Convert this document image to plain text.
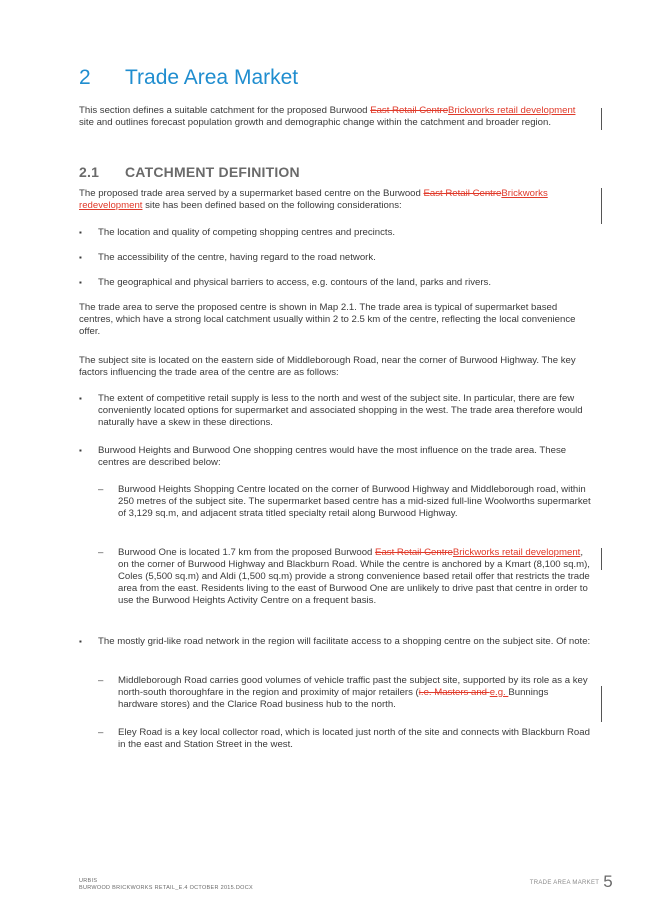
2 Trade Area Market

This section defines a suitable catchment for the proposed Burwood East Retail CentreBrickworks retail development site and outlines forecast population growth and demographic change within the catchment and broader region.

2.1 CATCHMENT DEFINITION

The proposed trade area served by a supermarket based centre on the Burwood East Retail CentreBrickworks redevelopment site has been defined based on the following considerations:

▪ The location and quality of competing shopping centres and precincts.

▪ The accessibility of the centre, having regard to the road network.

▪ The geographical and physical barriers to access, e.g. contours of the land, parks and rivers.

The trade area to serve the proposed centre is shown in Map 2.1. The trade area is typical of supermarket based centres, which have a strong local catchment usually within 2 to 2.5 km of the centre, reflecting the local convenience offer.

The subject site is located on the eastern side of Middleborough Road, near the corner of Burwood Highway. The key factors influencing the trade area of the centre are as follows:

▪ The extent of competitive retail supply is less to the north and west of the subject site. In particular, there are few conveniently located options for supermarket and associated shopping in the west. The trade area therefore would naturally have a skew in these directions.

▪ Burwood Heights and Burwood One shopping centres would have the most influence on the trade area. These centres are described below:

– Burwood Heights Shopping Centre located on the corner of Burwood Highway and Middleborough road, within 250 metres of the subject site. The supermarket based centre has a mid-sized full-line Woolworths supermarket of 3,129 sq.m, and adjacent strata titled specialty retail along Burwood Highway.

– Burwood One is located 1.7 km from the proposed Burwood East Retail CentreBrickworks retail development, on the corner of Burwood Highway and Blackburn Road. While the centre is anchored by a Kmart (8,100 sq.m), Coles (5,500 sq.m) and Aldi (1,500 sq.m) provide a strong convenience based retail offer that restricts the trade area from the east. Residents living to the east of Burwood One are unlikely to drive past that centre in order to use the Burwood Heights Activity Centre on a frequent basis.

▪ The mostly grid-like road network in the region will facilitate access to a shopping centre on the subject site. Of note:

– Middleborough Road carries good volumes of vehicle traffic past the subject site, supported by its role as a key north-south thoroughfare in the region and proximity of major retailers (i.e. Masters and e.g. Bunnings hardware stores) and the Clarice Road business hub to the north.

– Eley Road is a key local collector road, which is located just north of the site and connects with Blackburn Road in the east and Station Street in the west.

URBIS
BURWOOD BRICKWORKS RETAIL_E.4 OCTOBER 2015.DOCX
TRADE AREA MARKET 5
